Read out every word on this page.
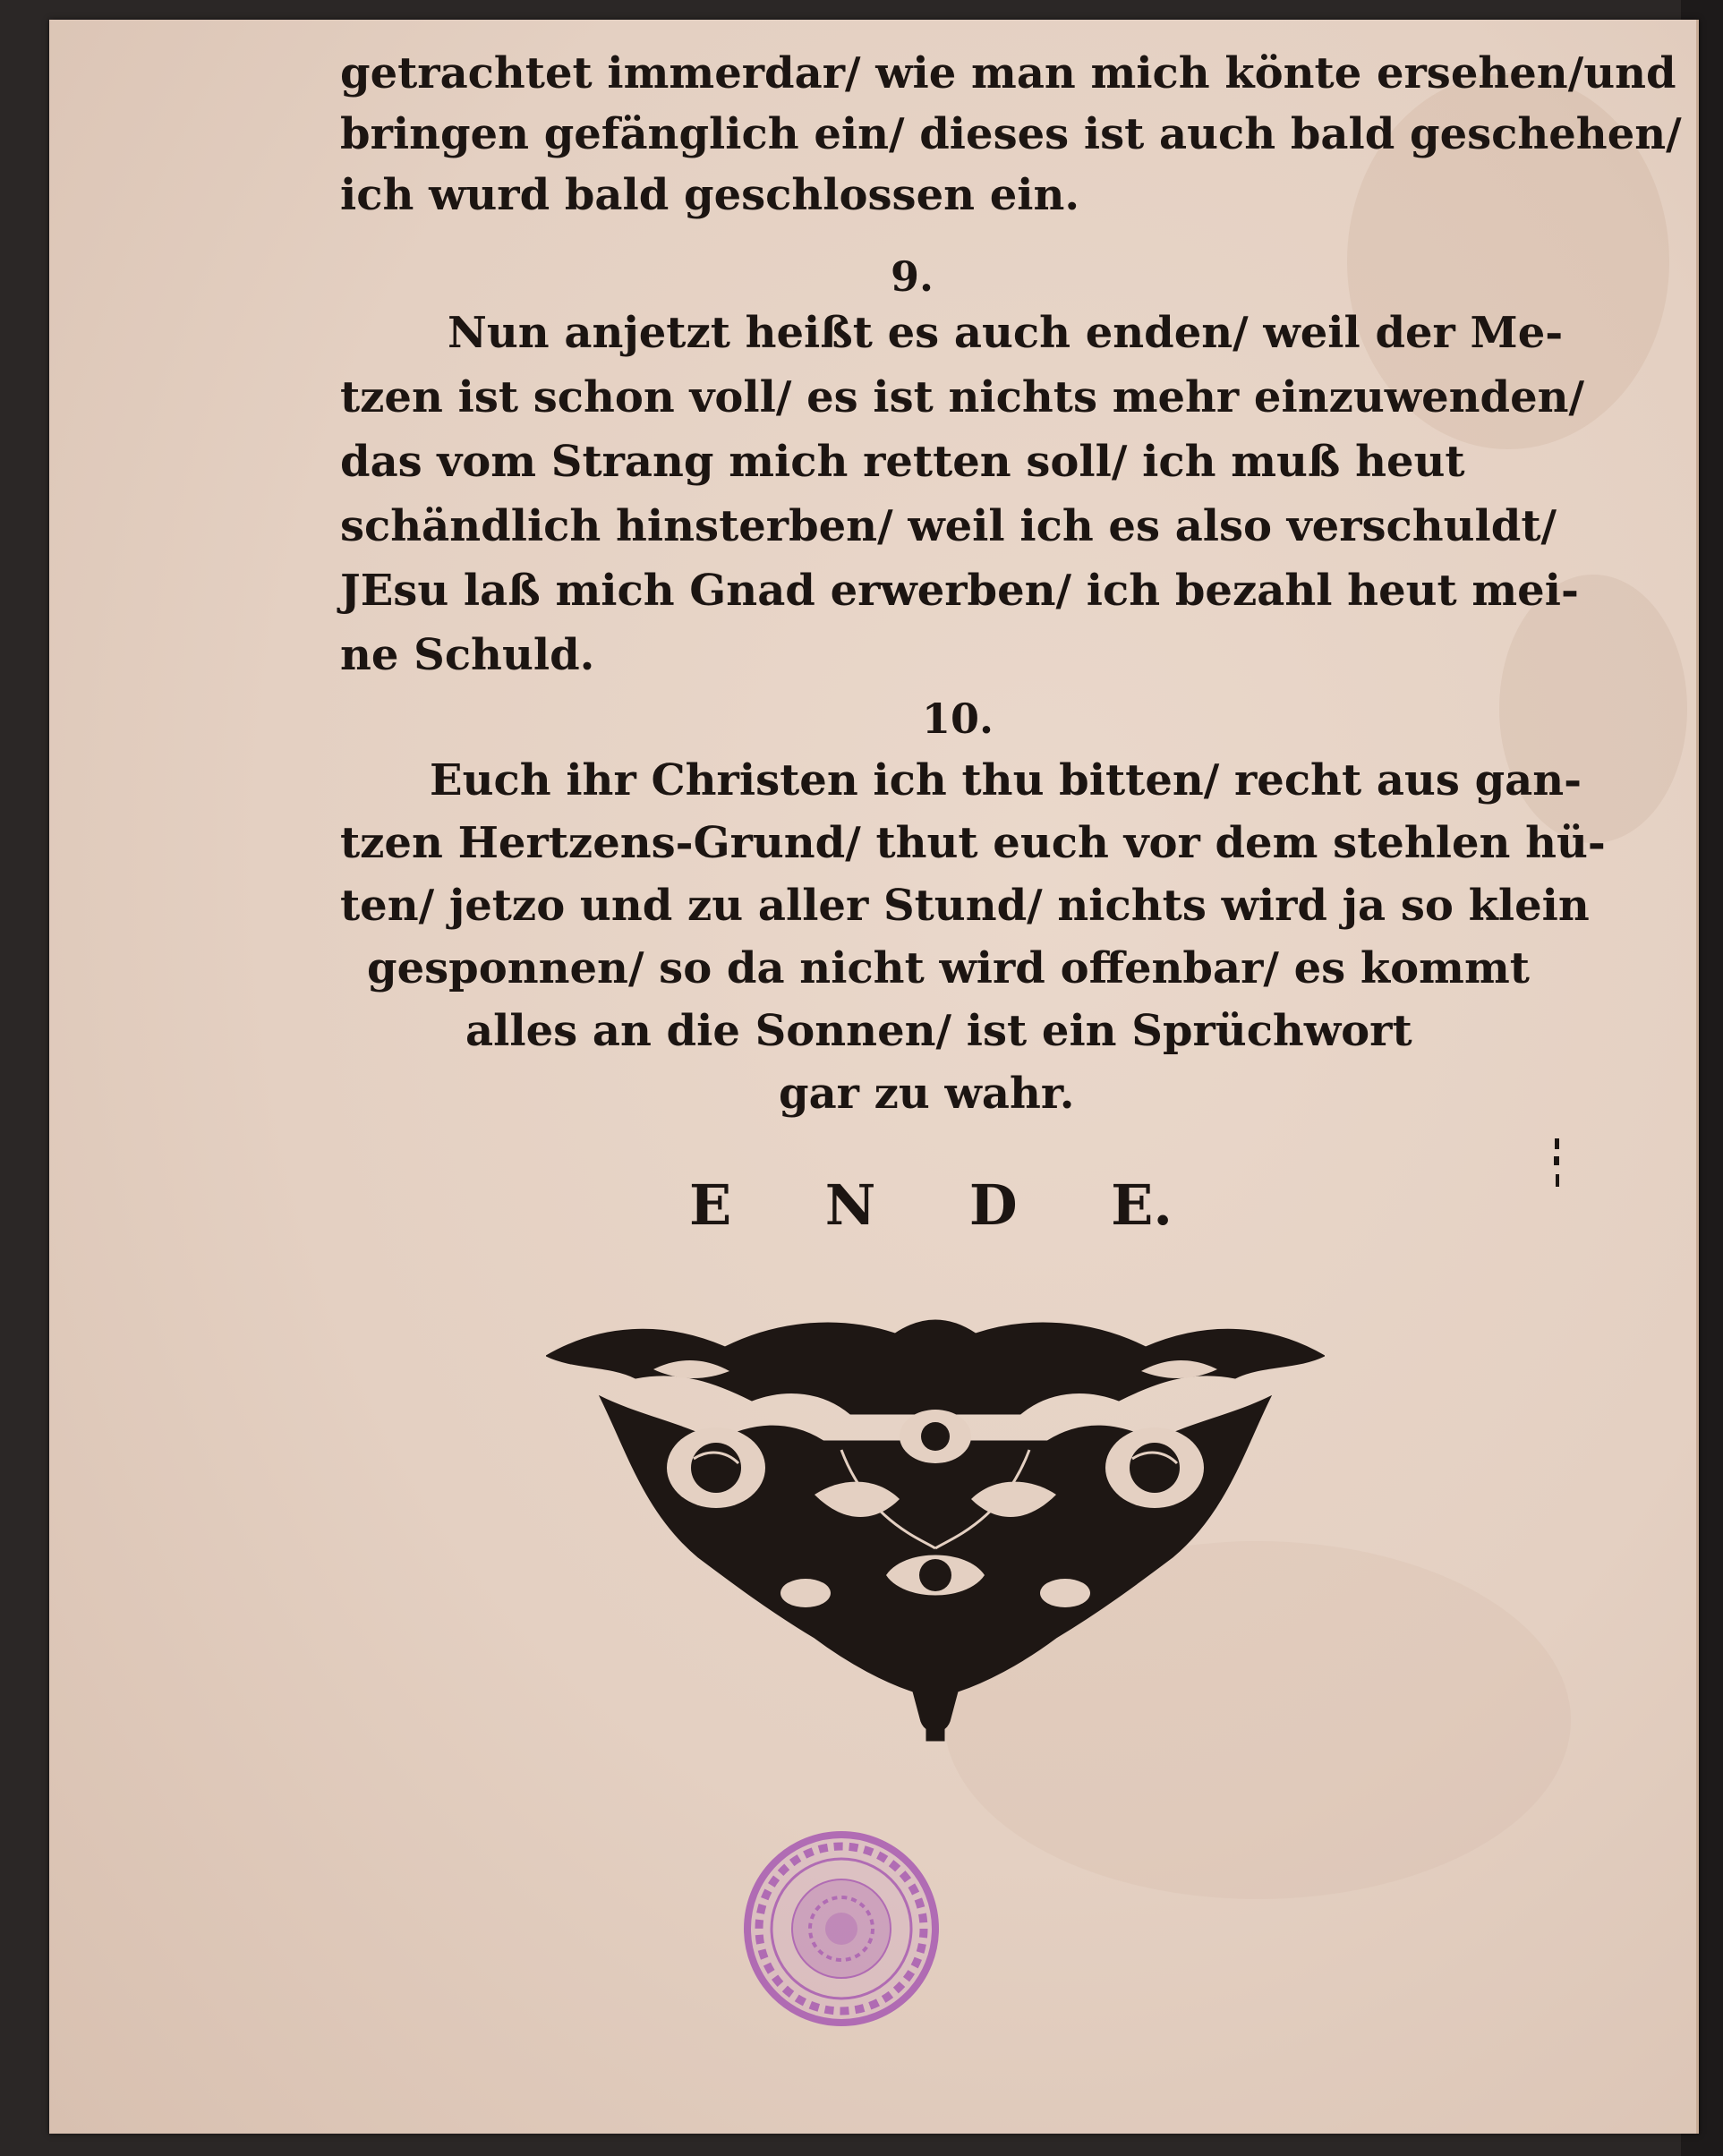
getrachtet immerdar/ wie man mich könte ersehen/und
bringen gefänglich ein/ dieses ist auch bald geschehen/
ich wurd bald geschlossen ein.
9.
Nun anjetzt heißt es auch enden/ weil der Me-
tzen ist schon voll/ es ist nichts mehr einzuwenden/
das vom Strang mich retten soll/ ich muß heut
schändlich hinsterben/ weil ich es also verschuldt/
JEsu laß mich Gnad erwerben/ ich bezahl heut mei-
ne Schuld.
10.
Euch ihr Christen ich thu bitten/ recht aus gan-
tzen Hertzens-Grund/ thut euch vor dem stehlen hü-
ten/ jetzo und zu aller Stund/ nichts wird ja so klein
gesponnen/ so da nicht wird offenbar/ es kommt
alles an die Sonnen/ ist ein Sprüchwort
gar zu wahr.
E N D E.
